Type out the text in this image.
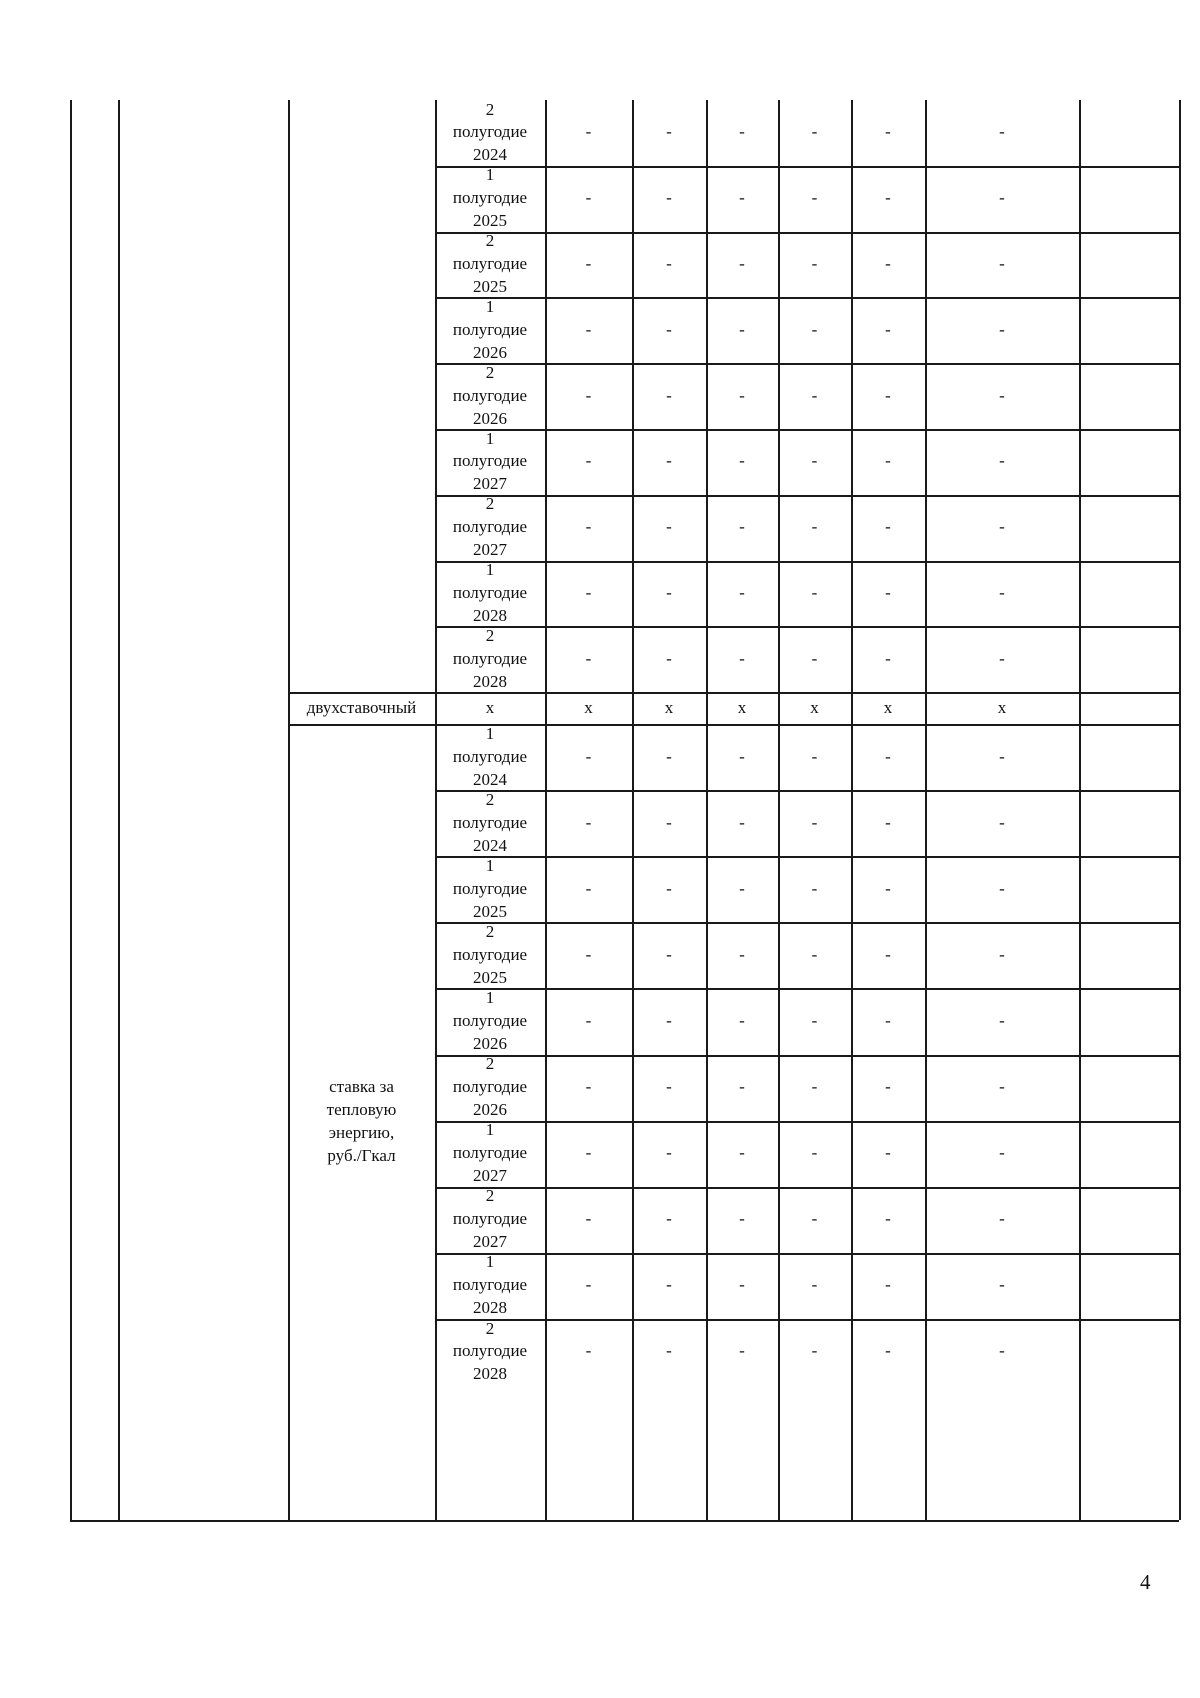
2
полугодие
2024
-	-	-	-	-	-
1
полугодие
2025
-	-	-	-	-	-
2
полугодие
2025
-	-	-	-	-	-
1
полугодие
2026
-	-	-	-	-	-
2
полугодие
2026
-	-	-	-	-	-
1
полугодие
2027
-	-	-	-	-	-
2
полугодие
2027
-	-	-	-	-	-
1
полугодие
2028
-	-	-	-	-	-
2
полугодие
2028
-	-	-	-	-	-
двухставочный	x	x	x	x	x	x	x
ставка за тепловую энергию, руб./Гкал
1
полугодие
2024
-	-	-	-	-	-
2
полугодие
2024
-	-	-	-	-	-
1
полугодие
2025
-	-	-	-	-	-
2
полугодие
2025
-	-	-	-	-	-
1
полугодие
2026
-	-	-	-	-	-
2
полугодие
2026
-	-	-	-	-	-
1
полугодие
2027
-	-	-	-	-	-
2
полугодие
2027
-	-	-	-	-	-
1
полугодие
2028
-	-	-	-	-	-
2
полугодие
2028
-	-	-	-	-	-
4
